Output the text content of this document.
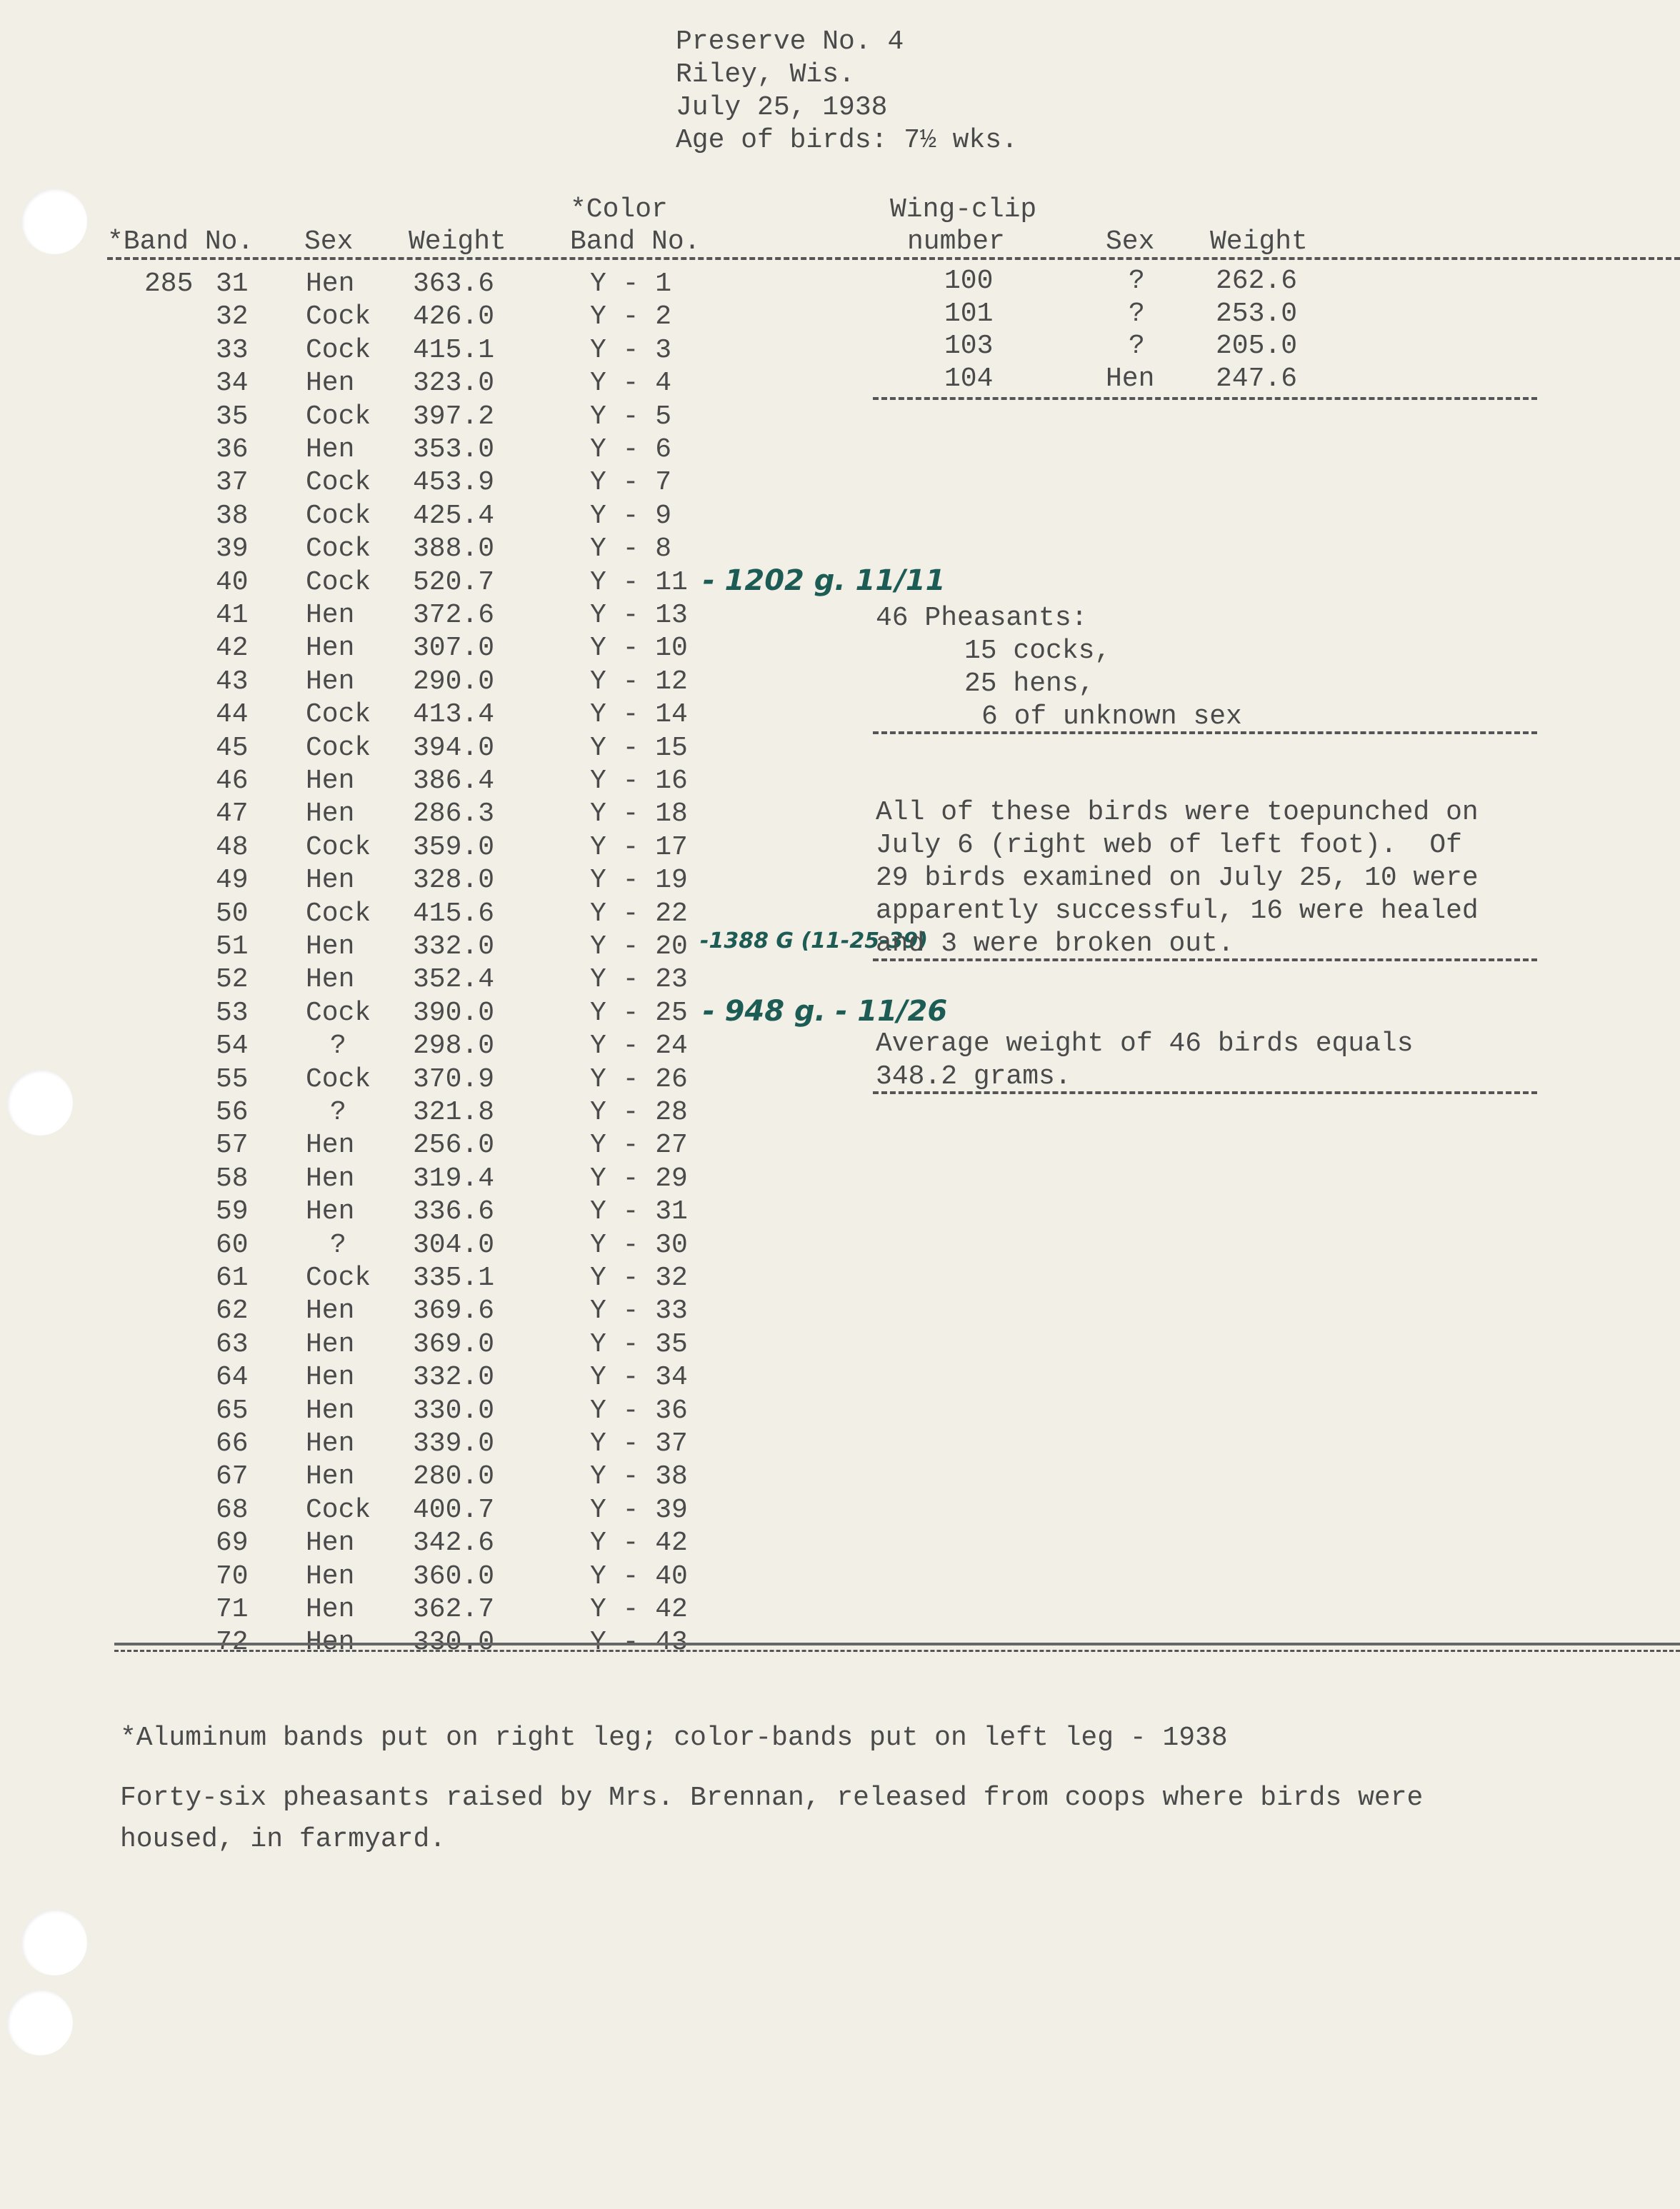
Preserve No. 4
Riley, Wis.
July 25, 1938
Age of birds: 7½ wks.
*Band No. Sex Weight
*Color
Band No.
Wing-clip
number	Sex Weight
285 31 Hen 363.6	Y - 1
32 Cock 426.0	Y - 2
33 Cock 415.1	Y - 3
34 Hen 323.0	Y - 4
35 Cock 397.2	Y - 5
36 Hen 353.0	Y - 6
37 Cock 453.9	Y - 7
38 Cock 425.4	Y - 9
39 Cock 388.0	Y - 8
40 Cock 520.7	Y - 11
41 Hen 372.6	Y - 13
42 Hen 307.0	Y - 10
43 Hen 290.0	Y - 12
44 Cock 413.4	Y - 14
45 Cock 394.0	Y - 15
46 Hen 386.4	Y - 16
47 Hen 286.3	Y - 18
48 Cock 359.0	Y - 17
49 Hen 328.0	Y - 19
50 Cock 415.6	Y - 22
51 Hen 332.0	Y - 20
52 Hen 352.4	Y - 23
53 Cock 390.0	Y - 25
54	? 298.0	Y - 24
55 Cock 370.9	Y - 26
56	? 321.8	Y - 28
57 Hen 256.0	Y - 27
58 Hen 319.4	Y - 29
59 Hen 336.6	Y - 31
60	? 304.0	Y - 30
61 Cock 335.1	Y - 32
62 Hen 369.6	Y - 33
63 Hen 369.0	Y - 35
64 Hen 332.0	Y - 34
65 Hen 330.0	Y - 36
66 Hen 339.0	Y - 37
67 Hen 280.0	Y - 38
68 Cock 400.7	Y - 39
69 Hen 342.6	Y - 42
70 Hen 360.0	Y - 40
71 Hen 362.7	Y - 42
72 Hen 330.0	Y - 43
- 1202 g. 11/11
-1388 G (11-25-39)
- 948 g. - 11/26
100	?	262.6
101	?	253.0
103	?	205.0
104	Hen 247.6
46 Pheasants:
15 cocks,
25 hens,
6 of unknown sex
All of these birds were toepunched on
July 6 (right web of left foot).  Of
29 birds examined on July 25, 10 were
apparently successful, 16 were healed
and 3 were broken out.
Average weight of 46 birds equals
348.2 grams.
*Aluminum bands put on right leg; color-bands put on left leg - 1938
Forty-six pheasants raised by Mrs. Brennan, released from coops where birds were
housed, in farmyard.
